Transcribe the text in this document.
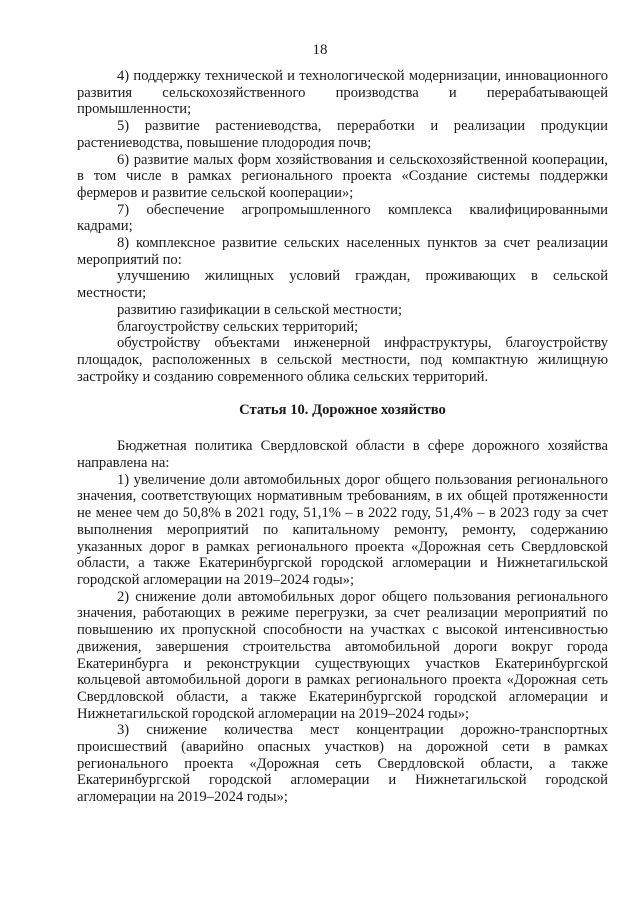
18

4) поддержку технической и технологической модернизации, инновационного развития сельскохозяйственного производства и перерабатывающей промышленности;

5) развитие растениеводства, переработки и реализации продукции растениеводства, повышение плодородия почв;

6) развитие малых форм хозяйствования и сельскохозяйственной кооперации, в том числе в рамках регионального проекта «Создание системы поддержки фермеров и развитие сельской кооперации»;

7) обеспечение агропромышленного комплекса квалифицированными кадрами;

8) комплексное развитие сельских населенных пунктов за счет реализации мероприятий по:

улучшению жилищных условий граждан, проживающих в сельской местности;

развитию газификации в сельской местности;

благоустройству сельских территорий;

обустройству объектами инженерной инфраструктуры, благоустройству площадок, расположенных в сельской местности, под компактную жилищную застройку и созданию современного облика сельских территорий.

Статья 10. Дорожное хозяйство

Бюджетная политика Свердловской области в сфере дорожного хозяйства направлена на:

1) увеличение доли автомобильных дорог общего пользования регионального значения, соответствующих нормативным требованиям, в их общей протяженности не менее чем до 50,8% в 2021 году, 51,1% – в 2022 году, 51,4% – в 2023 году за счет выполнения мероприятий по капитальному ремонту, ремонту, содержанию указанных дорог в рамках регионального проекта «Дорожная сеть Свердловской области, а также Екатеринбургской городской агломерации и Нижнетагильской городской агломерации на 2019–2024 годы»;

2) снижение доли автомобильных дорог общего пользования регионального значения, работающих в режиме перегрузки, за счет реализации мероприятий по повышению их пропускной способности на участках с высокой интенсивностью движения, завершения строительства автомобильной дороги вокруг города Екатеринбурга и реконструкции существующих участков Екатеринбургской кольцевой автомобильной дороги в рамках регионального проекта «Дорожная сеть Свердловской области, а также Екатеринбургской городской агломерации и Нижнетагильской городской агломерации на 2019–2024 годы»;

3) снижение количества мест концентрации дорожно-транспортных происшествий (аварийно опасных участков) на дорожной сети в рамках регионального проекта «Дорожная сеть Свердловской области, а также Екатеринбургской городской агломерации и Нижнетагильской городской агломерации на 2019–2024 годы»;
